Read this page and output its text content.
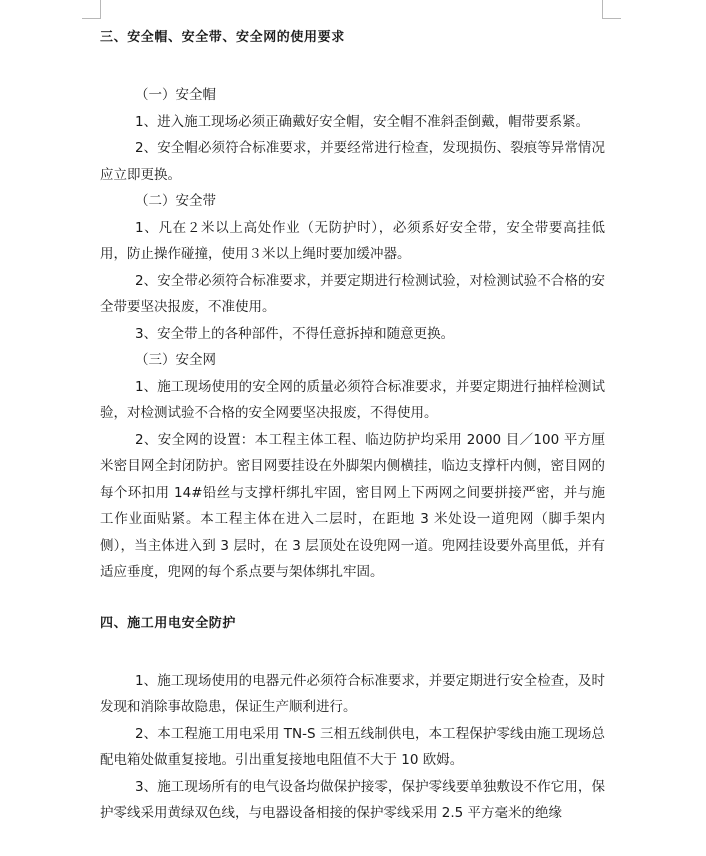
三、安全帽、安全带、安全网的使用要求

（一）安全帽

1、进入施工现场必须正确戴好安全帽，安全帽不准斜歪倒戴，帽带要系紧。

2、安全帽必须符合标准要求，并要经常进行检查，发现损伤、裂痕等异常情况应立即更换。

（二）安全带

1、凡在２米以上高处作业（无防护时），必须系好安全带，安全带要高挂低用，防止操作碰撞，使用３米以上绳时要加缓冲器。

2、安全带必须符合标准要求，并要定期进行检测试验，对检测试验不合格的安全带要坚决报废，不准使用。

3、安全带上的各种部件，不得任意拆掉和随意更换。

（三）安全网

1、施工现场使用的安全网的质量必须符合标准要求，并要定期进行抽样检测试验，对检测试验不合格的安全网要坚决报废，不得使用。

2、安全网的设置：本工程主体工程、临边防护均采用 2000 目／100 平方厘米密目网全封闭防护。密目网要挂设在外脚架内侧横挂，临边支撑杆内侧，密目网的每个环扣用 14#铅丝与支撑杆绑扎牢固，密目网上下两网之间要拼接严密，并与施工作业面贴紧。本工程主体在进入二层时，在距地 3 米处设一道兜网（脚手架内侧），当主体进入到 3 层时，在 3 层顶处在设兜网一道。兜网挂设要外高里低，并有适应垂度，兜网的每个系点要与架体绑扎牢固。

四、施工用电安全防护

1、施工现场使用的电器元件必须符合标准要求，并要定期进行安全检查，及时发现和消除事故隐患，保证生产顺利进行。

2、本工程施工用电采用 TN-S 三相五线制供电，本工程保护零线由施工现场总配电箱处做重复接地。引出重复接地电阻值不大于 10 欧姆。

3、施工现场所有的电气设备均做保护接零，保护零线要单独敷设不作它用，保护零线采用黄绿双色线，与电器设备相接的保护零线采用 2.5 平方毫米的绝缘
